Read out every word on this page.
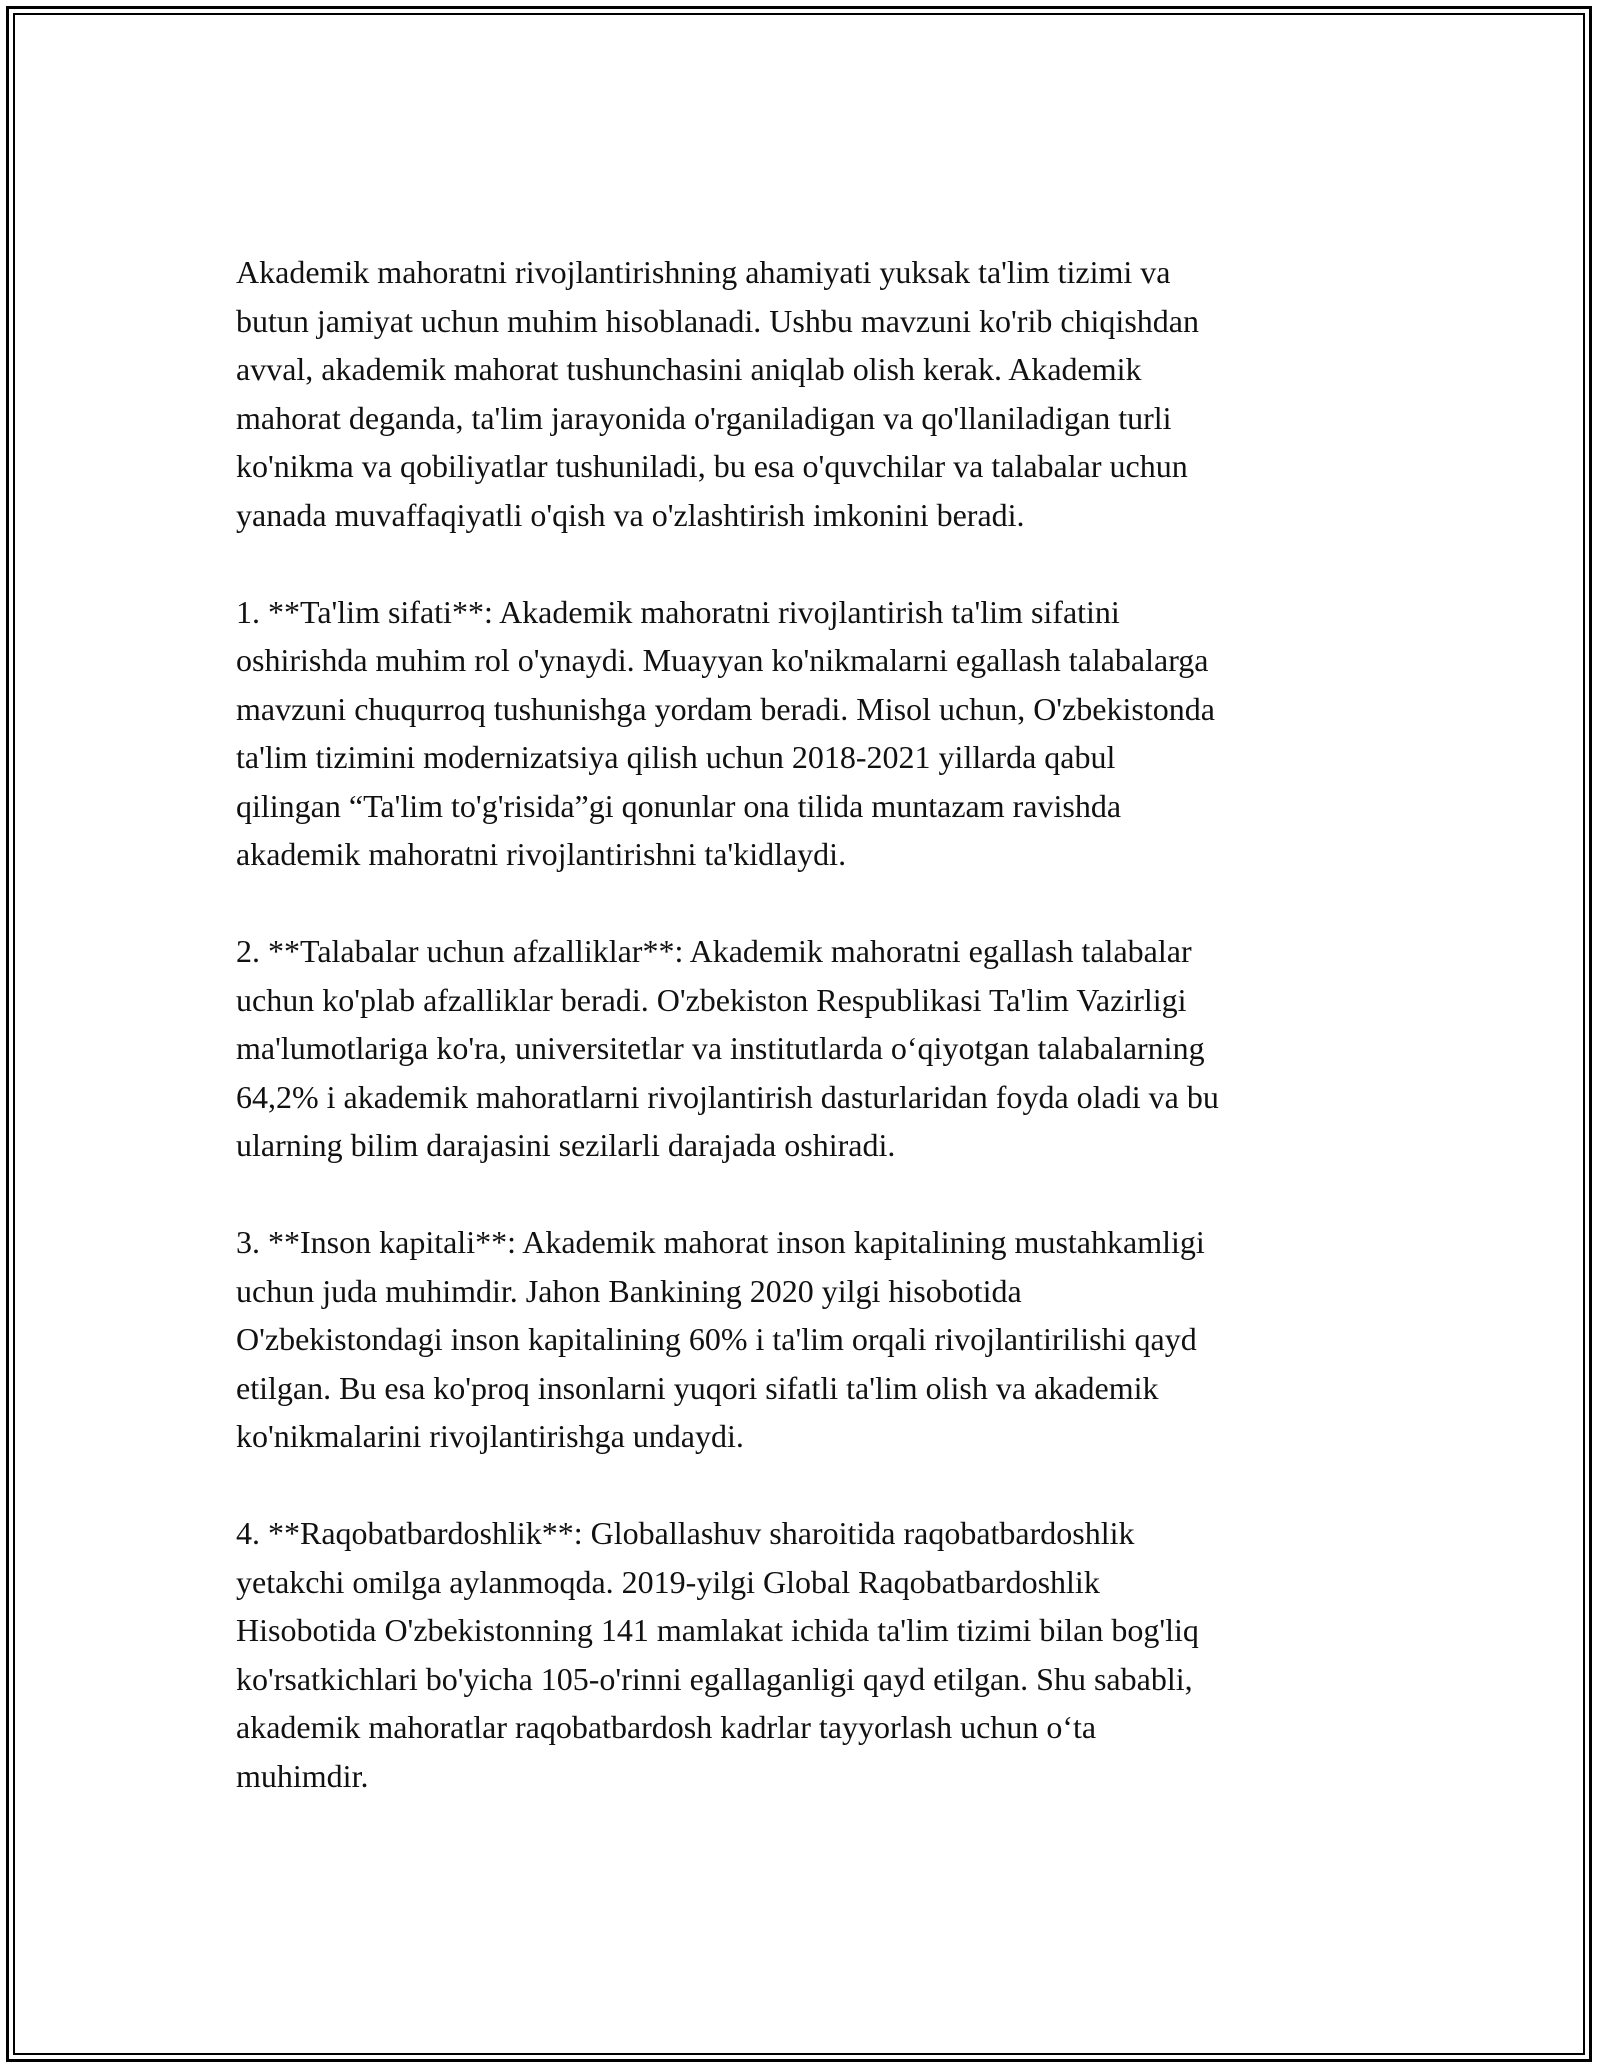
Akademik mahoratni rivojlantirishning ahamiyati yuksak ta'lim tizimi va
butun jamiyat uchun muhim hisoblanadi. Ushbu mavzuni ko'rib chiqishdan
avval, akademik mahorat tushunchasini aniqlab olish kerak. Akademik
mahorat deganda, ta'lim jarayonida o'rganiladigan va qo'llaniladigan turli
ko'nikma va qobiliyatlar tushuniladi, bu esa o'quvchilar va talabalar uchun
yanada muvaffaqiyatli o'qish va o'zlashtirish imkonini beradi.

1. **Ta'lim sifati**: Akademik mahoratni rivojlantirish ta'lim sifatini
oshirishda muhim rol o'ynaydi. Muayyan ko'nikmalarni egallash talabalarga
mavzuni chuqurroq tushunishga yordam beradi. Misol uchun, O'zbekistonda
ta'lim tizimini modernizatsiya qilish uchun 2018-2021 yillarda qabul
qilingan “Ta'lim to'g'risida”gi qonunlar ona tilida muntazam ravishda
akademik mahoratni rivojlantirishni ta'kidlaydi.

2. **Talabalar uchun afzalliklar**: Akademik mahoratni egallash talabalar
uchun ko'plab afzalliklar beradi. O'zbekiston Respublikasi Ta'lim Vazirligi
ma'lumotlariga ko'ra, universitetlar va institutlarda o‘qiyotgan talabalarning
64,2% i akademik mahoratlarni rivojlantirish dasturlaridan foyda oladi va bu
ularning bilim darajasini sezilarli darajada oshiradi.

3. **Inson kapitali**: Akademik mahorat inson kapitalining mustahkamligi
uchun juda muhimdir. Jahon Bankining 2020 yilgi hisobotida
O'zbekistondagi inson kapitalining 60% i ta'lim orqali rivojlantirilishi qayd
etilgan. Bu esa ko'proq insonlarni yuqori sifatli ta'lim olish va akademik
ko'nikmalarini rivojlantirishga undaydi.

4. **Raqobatbardoshlik**: Globallashuv sharoitida raqobatbardoshlik
yetakchi omilga aylanmoqda. 2019-yilgi Global Raqobatbardoshlik
Hisobotida O'zbekistonning 141 mamlakat ichida ta'lim tizimi bilan bog'liq
ko'rsatkichlari bo'yicha 105-o'rinni egallaganligi qayd etilgan. Shu sababli,
akademik mahoratlar raqobatbardosh kadrlar tayyorlash uchun o‘ta
muhimdir.
